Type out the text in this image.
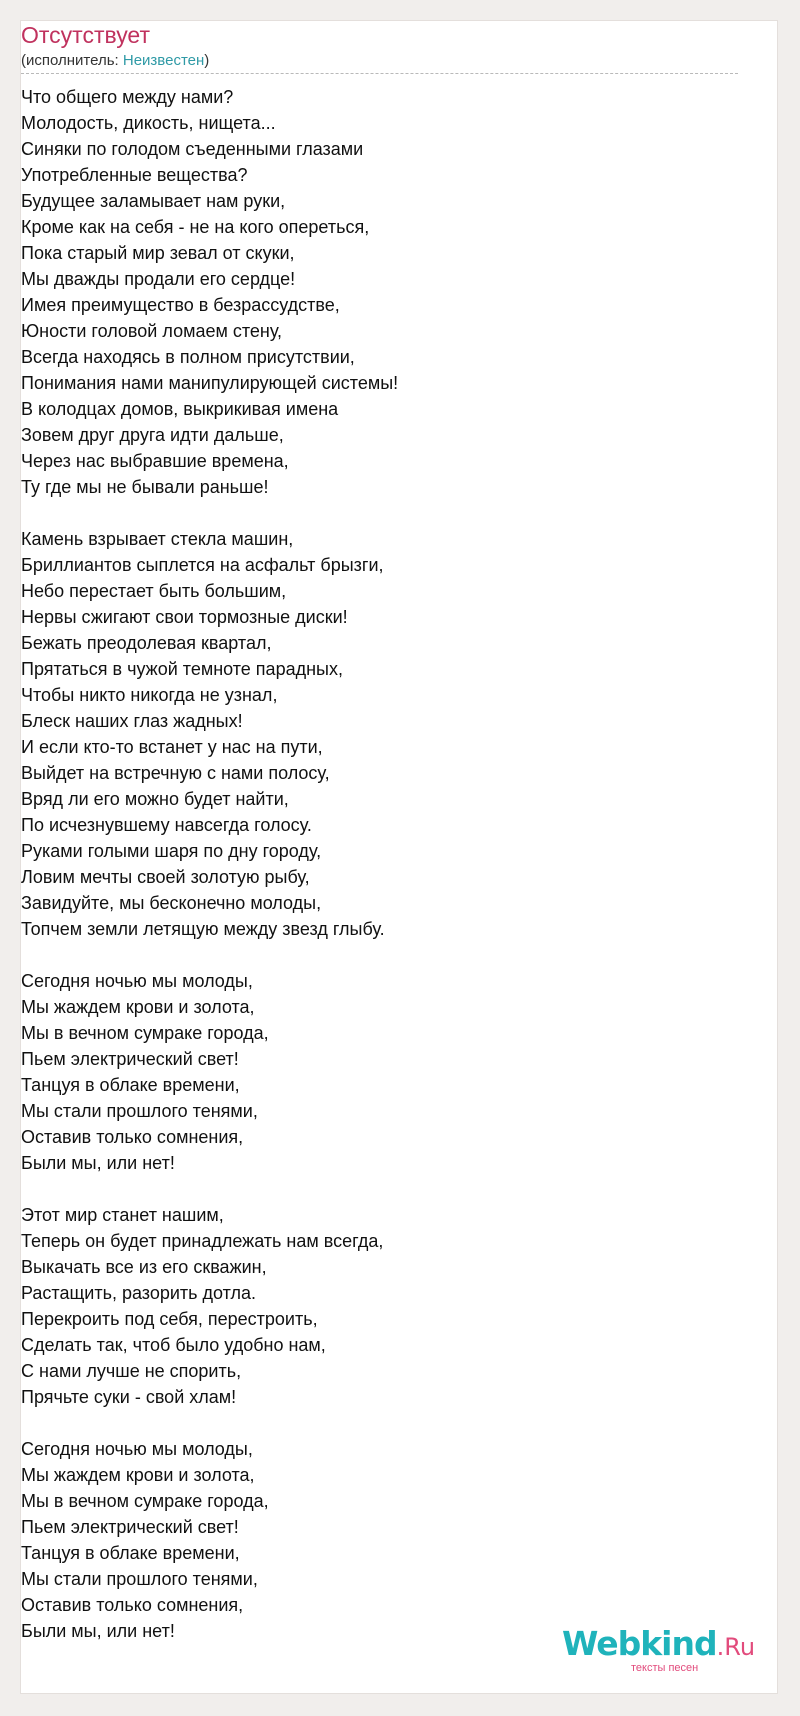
Отсутствует
(исполнитель: Неизвестен)
Что общего между нами?
Молодость, дикость, нищета...
Синяки по голодом съеденными глазами
Употребленные вещества?
Будущее заламывает нам руки,
Кроме как на себя - не на кого опереться,
Пока старый мир зевал от скуки,
Мы дважды продали его сердце!
Имея преимущество в безрассудстве,
Юности головой ломаем стену,
Всегда находясь в полном присутствии,
Понимания нами манипулирующей системы!
В колодцах домов, выкрикивая имена
Зовем друг друга идти дальше,
Через нас выбравшие времена,
Ту где мы не бывали раньше!
Камень взрывает стекла машин,
Бриллиантов сыплется на асфальт брызги,
Небо перестает быть большим,
Нервы сжигают свои тормозные диски!
Бежать преодолевая квартал,
Прятаться в чужой темноте парадных,
Чтобы никто никогда не узнал,
Блеск наших глаз жадных!
И если кто-то встанет у нас на пути,
Выйдет на встречную с нами полосу,
Вряд ли его можно будет найти,
По исчезнувшему навсегда голосу.
Руками голыми шаря по дну городу,
Ловим мечты своей золотую рыбу,
Завидуйте, мы бесконечно молоды,
Топчем земли летящую между звезд глыбу.
Сегодня ночью мы молоды,
Мы жаждем крови и золота,
Мы в вечном сумраке города,
Пьем электрический свет!
Танцуя в облаке времени,
Мы стали прошлого тенями,
Оставив только сомнения,
Были мы, или нет!
Этот мир станет нашим,
Теперь он будет принадлежать нам всегда,
Выкачать все из его скважин,
Растащить, разорить дотла.
Перекроить под себя, перестроить,
Сделать так, чтоб было удобно нам,
С нами лучше не спорить,
Прячьте суки - свой хлам!
Сегодня ночью мы молоды,
Мы жаждем крови и золота,
Мы в вечном сумраке города,
Пьем электрический свет!
Танцуя в облаке времени,
Мы стали прошлого тенями,
Оставив только сомнения,
Были мы, или нет!	Webkind.Ru
тексты песен
